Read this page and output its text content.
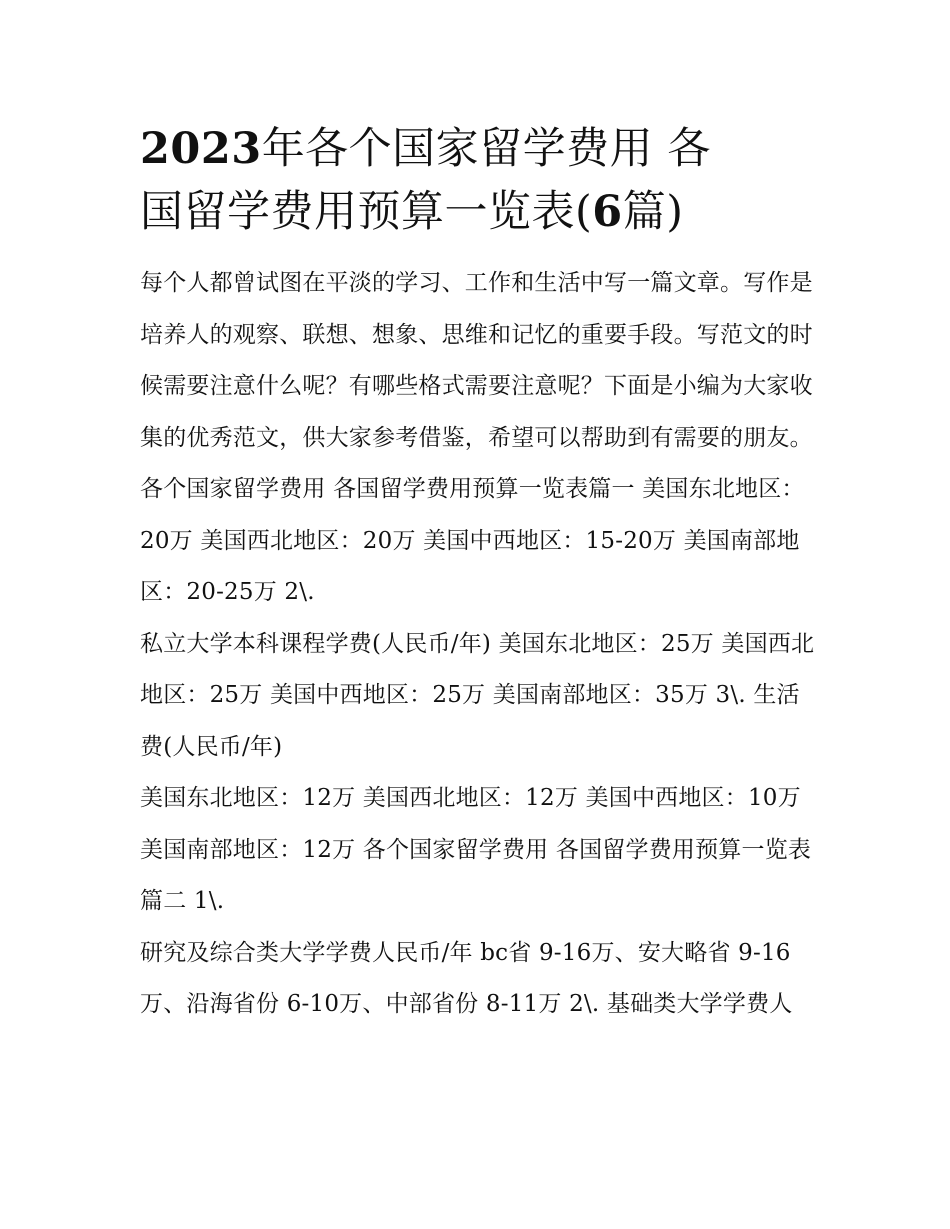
2023年各个国家留学费用 各
国留学费用预算一览表(6篇)

每个人都曾试图在平淡的学习、工作和生活中写一篇文章。写作是培养人的观察、联想、想象、思维和记忆的重要手段。写范文的时候需要注意什么呢？有哪些格式需要注意呢？下面是小编为大家收集的优秀范文，供大家参考借鉴，希望可以帮助到有需要的朋友。

各个国家留学费用 各国留学费用预算一览表篇一 美国东北地区：20万 美国西北地区：20万 美国中西地区：15-20万 美国南部地区：20-25万 2\.

私立大学本科课程学费(人民币/年) 美国东北地区：25万 美国西北地区：25万 美国中西地区：25万 美国南部地区：35万 3\. 生活费(人民币/年)

美国东北地区：12万 美国西北地区：12万 美国中西地区：10万 美国南部地区：12万 各个国家留学费用 各国留学费用预算一览表篇二 1\.

研究及综合类大学学费人民币/年 bc省 9-16万、安大略省 9-16万、沿海省份 6-10万、中部省份 8-11万 2\. 基础类大学学费人
